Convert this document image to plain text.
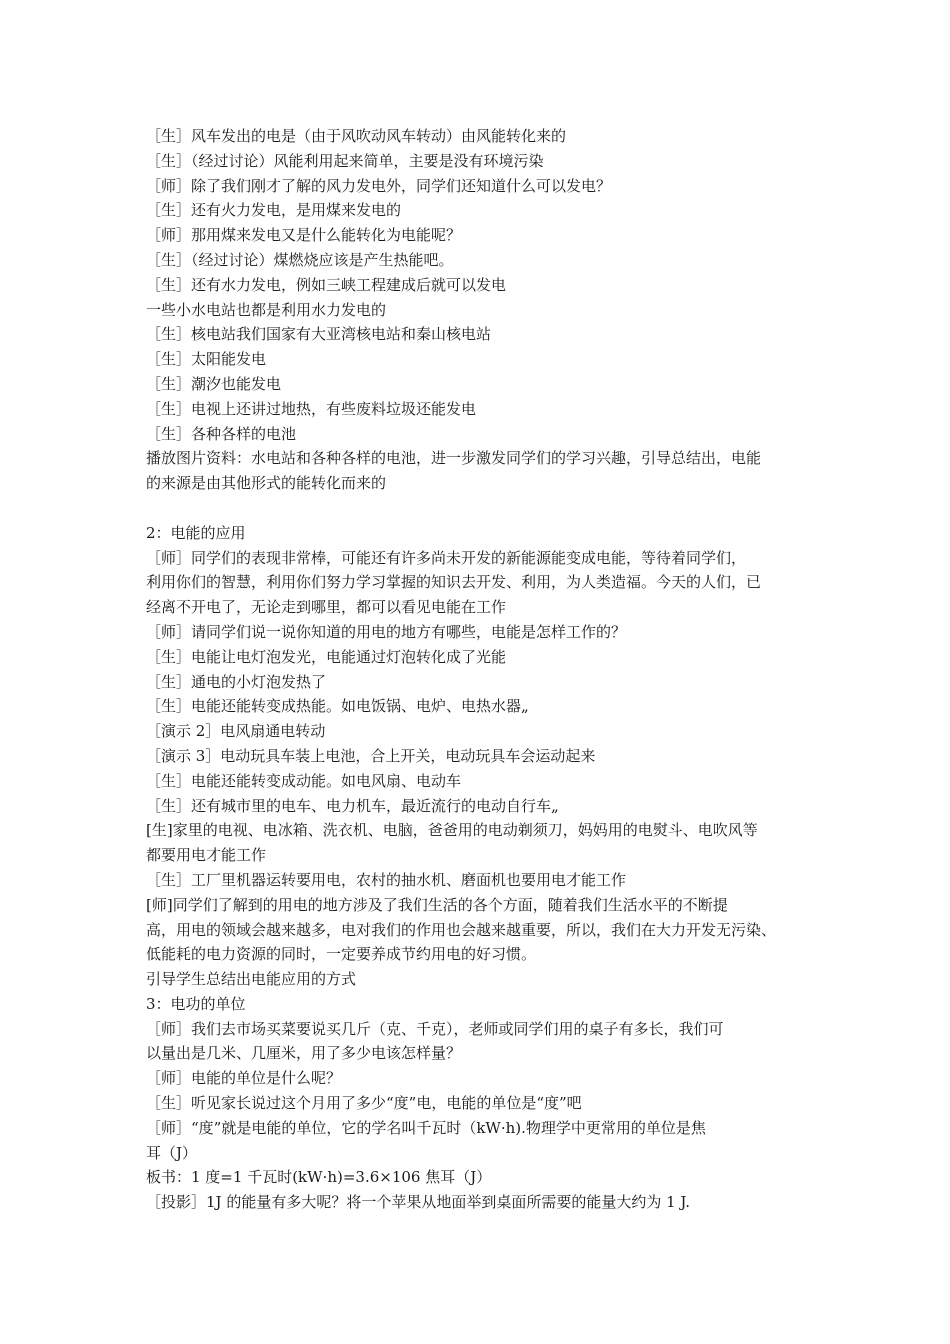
［生］风车发出的电是（由于风吹动风车转动）由风能转化来的
［生］（经过讨论）风能利用起来简单，主要是没有环境污染
［师］除了我们刚才了解的风力发电外，同学们还知道什么可以发电？
［生］还有火力发电，是用煤来发电的
［师］那用煤来发电又是什么能转化为电能呢？
［生］（经过讨论）煤燃烧应该是产生热能吧。
［生］还有水力发电，例如三峡工程建成后就可以发电
一些小水电站也都是利用水力发电的
［生］核电站我们国家有大亚湾核电站和秦山核电站
［生］太阳能发电
［生］潮汐也能发电
［生］电视上还讲过地热，有些废料垃圾还能发电
［生］各种各样的电池
播放图片资料：水电站和各种各样的电池，进一步激发同学们的学习兴趣，引导总结出，电能
的来源是由其他形式的能转化而来的
2：电能的应用
［师］同学们的表现非常棒，可能还有许多尚未开发的新能源能变成电能，等待着同学们，
利用你们的智慧，利用你们努力学习掌握的知识去开发、利用，为人类造福。今天的人们，已
经离不开电了，无论走到哪里，都可以看见电能在工作
［师］请同学们说一说你知道的用电的地方有哪些，电能是怎样工作的？
［生］电能让电灯泡发光，电能通过灯泡转化成了光能
［生］通电的小灯泡发热了
［生］电能还能转变成热能。如电饭锅、电炉、电热水器„
［演示 2］电风扇通电转动
［演示 3］电动玩具车装上电池，合上开关，电动玩具车会运动起来
［生］电能还能转变成动能。如电风扇、电动车
［生］还有城市里的电车、电力机车，最近流行的电动自行车„
[生]家里的电视、电冰箱、洗衣机、电脑，爸爸用的电动剃须刀，妈妈用的电熨斗、电吹风等
都要用电才能工作
［生］工厂里机器运转要用电，农村的抽水机、磨面机也要用电才能工作
[师]同学们了解到的用电的地方涉及了我们生活的各个方面，随着我们生活水平的不断提
高，用电的领域会越来越多，电对我们的作用也会越来越重要，所以，我们在大力开发无污染、
低能耗的电力资源的同时，一定要养成节约用电的好习惯。
引导学生总结出电能应用的方式
3：电功的单位
［师］我们去市场买菜要说买几斤（克、千克），老师或同学们用的桌子有多长，我们可
以量出是几米、几厘米，用了多少电该怎样量？
［师］电能的单位是什么呢？
［生］听见家长说过这个月用了多少“度”电，电能的单位是“度”吧
［师］“度”就是电能的单位，它的学名叫千瓦时（kW·h).物理学中更常用的单位是焦
耳（J）
板书：1 度=1 千瓦时(kW·h)=3.6×106 焦耳（J）
［投影］1J 的能量有多大呢？将一个苹果从地面举到桌面所需要的能量大约为 1 J.
